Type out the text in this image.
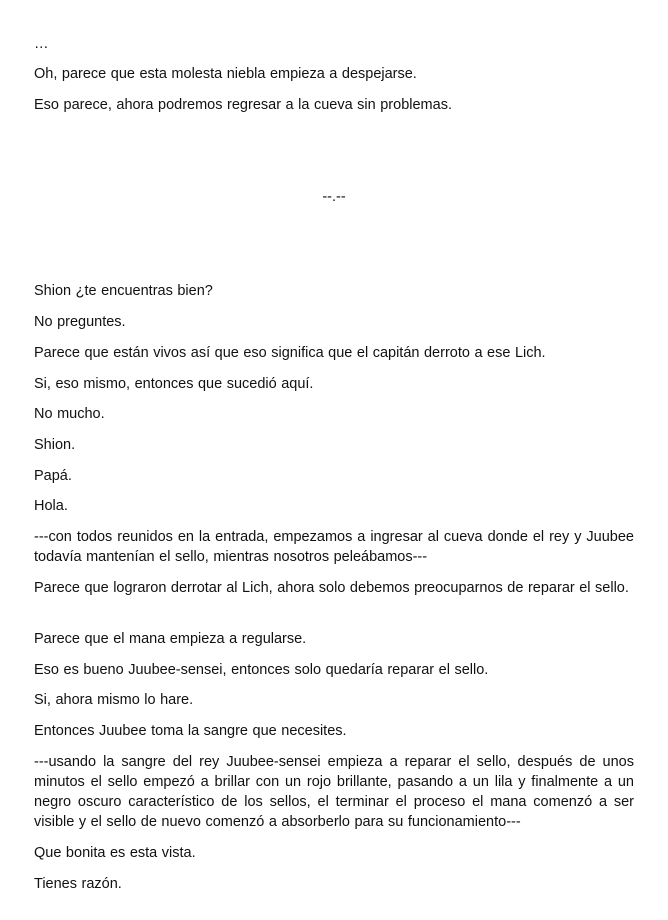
…

Oh, parece que esta molesta niebla empieza a despejarse.

Eso parece, ahora podremos regresar a la cueva sin problemas.

--.--

Shion ¿te encuentras bien?

No preguntes.

Parece que están vivos así que eso significa que el capitán derroto a ese Lich.

Si, eso mismo, entonces que sucedió aquí.

No mucho.

Shion.

Papá.

Hola.

---con todos reunidos en la entrada, empezamos a ingresar al cueva donde el rey y Juubee todavía mantenían el sello, mientras nosotros peleábamos---

Parece que lograron derrotar al Lich, ahora solo debemos preocuparnos de reparar el sello.

Parece que el mana empieza a regularse.

Eso es bueno Juubee-sensei, entonces solo quedaría reparar el sello.

Si, ahora mismo lo hare.

Entonces Juubee toma la sangre que necesites.

---usando la sangre del rey Juubee-sensei empieza a reparar el sello, después de unos minutos el sello empezó a brillar con un rojo brillante, pasando a un lila y finalmente a un negro oscuro característico de los sellos, el terminar el proceso el mana comenzó a ser visible y el sello de nuevo comenzó a absorberlo para su funcionamiento---

Que bonita es esta vista.

Tienes razón.
